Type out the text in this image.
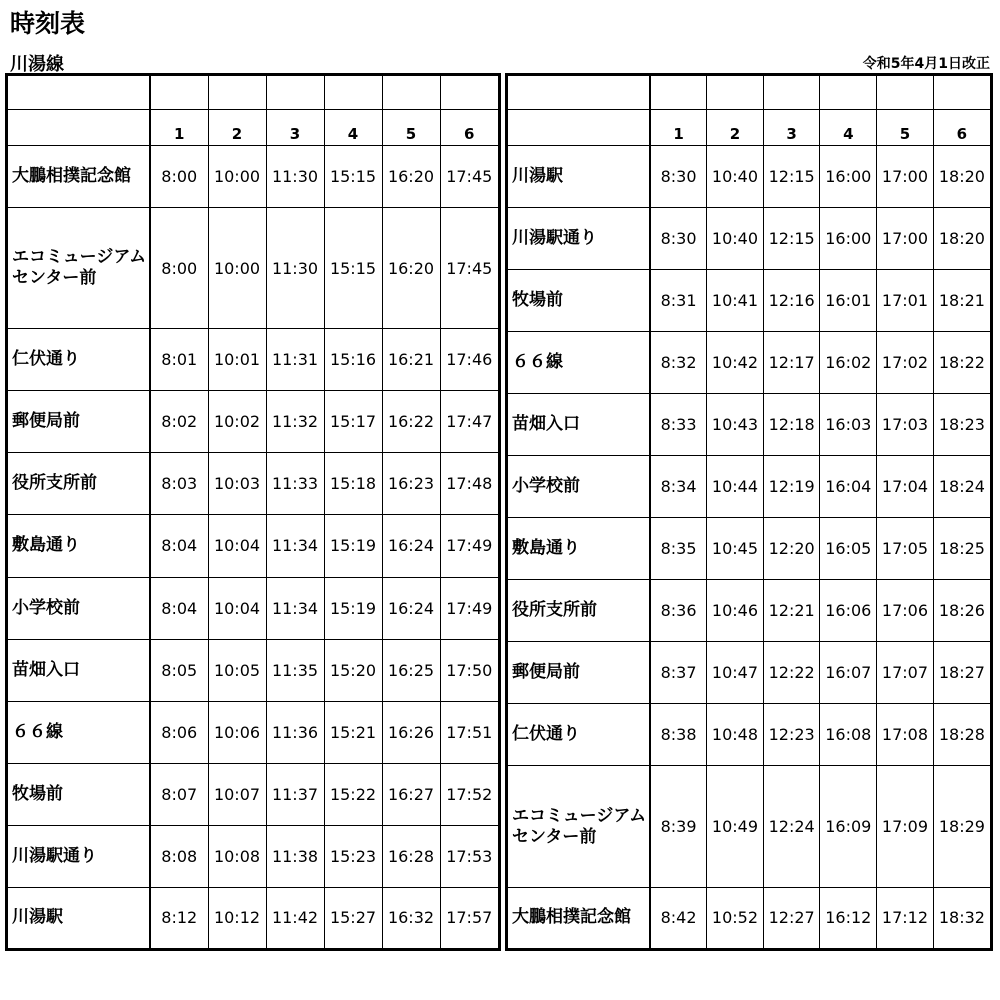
時刻表
川湯線	令和5年4月1日改正

	1	2	3	4	5	6
大鵬相撲記念館	8:00	10:00	11:30	15:15	16:20	17:45
エコミュージアムセンター前	8:00	10:00	11:30	15:15	16:20	17:45
仁伏通り	8:01	10:01	11:31	15:16	16:21	17:46
郵便局前	8:02	10:02	11:32	15:17	16:22	17:47
役所支所前	8:03	10:03	11:33	15:18	16:23	17:48
敷島通り	8:04	10:04	11:34	15:19	16:24	17:49
小学校前	8:04	10:04	11:34	15:19	16:24	17:49
苗畑入口	8:05	10:05	11:35	15:20	16:25	17:50
６６線	8:06	10:06	11:36	15:21	16:26	17:51
牧場前	8:07	10:07	11:37	15:22	16:27	17:52
川湯駅通り	8:08	10:08	11:38	15:23	16:28	17:53
川湯駅	8:12	10:12	11:42	15:27	16:32	17:57

	1	2	3	4	5	6
川湯駅	8:30	10:40	12:15	16:00	17:00	18:20
川湯駅通り	8:30	10:40	12:15	16:00	17:00	18:20
牧場前	8:31	10:41	12:16	16:01	17:01	18:21
６６線	8:32	10:42	12:17	16:02	17:02	18:22
苗畑入口	8:33	10:43	12:18	16:03	17:03	18:23
小学校前	8:34	10:44	12:19	16:04	17:04	18:24
敷島通り	8:35	10:45	12:20	16:05	17:05	18:25
役所支所前	8:36	10:46	12:21	16:06	17:06	18:26
郵便局前	8:37	10:47	12:22	16:07	17:07	18:27
仁伏通り	8:38	10:48	12:23	16:08	17:08	18:28
エコミュージアムセンター前	8:39	10:49	12:24	16:09	17:09	18:29
大鵬相撲記念館	8:42	10:52	12:27	16:12	17:12	18:32
